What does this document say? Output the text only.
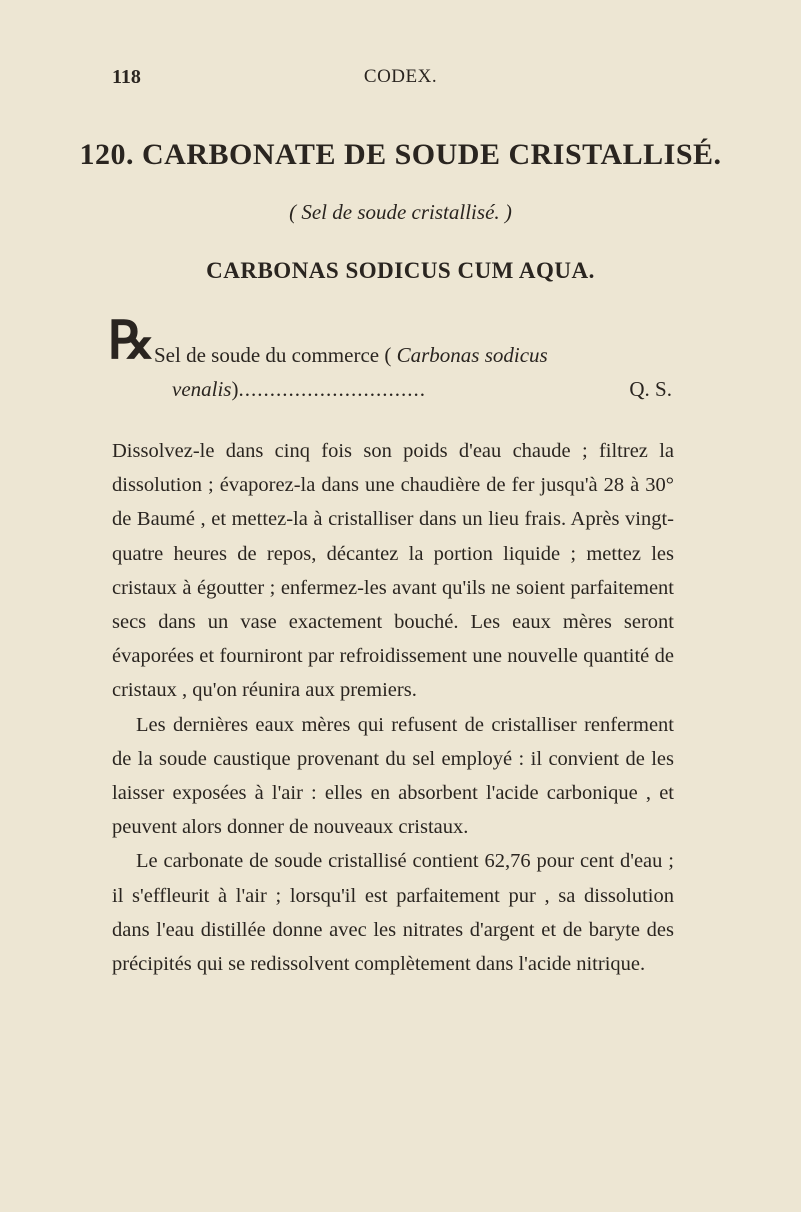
118	CODEX.
120. CARBONATE DE SOUDE CRISTALLISÉ.
( Sel de soude cristallisé. )
CARBONAS SODICUS CUM AQUA.
℞ Sel de soude du commerce ( Carbonas sodicus
venalis)..............................	Q. S.

Dissolvez-le dans cinq fois son poids d'eau chaude ; filtrez la dissolution ; évaporez-la dans une chaudière de fer jusqu'à 28 à 30° de Baumé , et mettez-la à cristalliser dans un lieu frais. Après vingt-quatre heures de repos, décantez la portion liquide ; mettez les cristaux à égoutter ; enfermez-les avant qu'ils ne soient parfaitement secs dans un vase exactement bouché. Les eaux mères seront évaporées et fourniront par refroidissement une nouvelle quantité de cristaux , qu'on réunira aux premiers.

Les dernières eaux mères qui refusent de cristalliser renferment de la soude caustique provenant du sel employé : il convient de les laisser exposées à l'air : elles en absorbent l'acide carbonique , et peuvent alors donner de nouveaux cristaux.

Le carbonate de soude cristallisé contient 62,76 pour cent d'eau ; il s'effleurit à l'air ; lorsqu'il est parfaitement pur , sa dissolution dans l'eau distillée donne avec les nitrates d'argent et de baryte des précipités qui se redissolvent complètement dans l'acide nitrique.
